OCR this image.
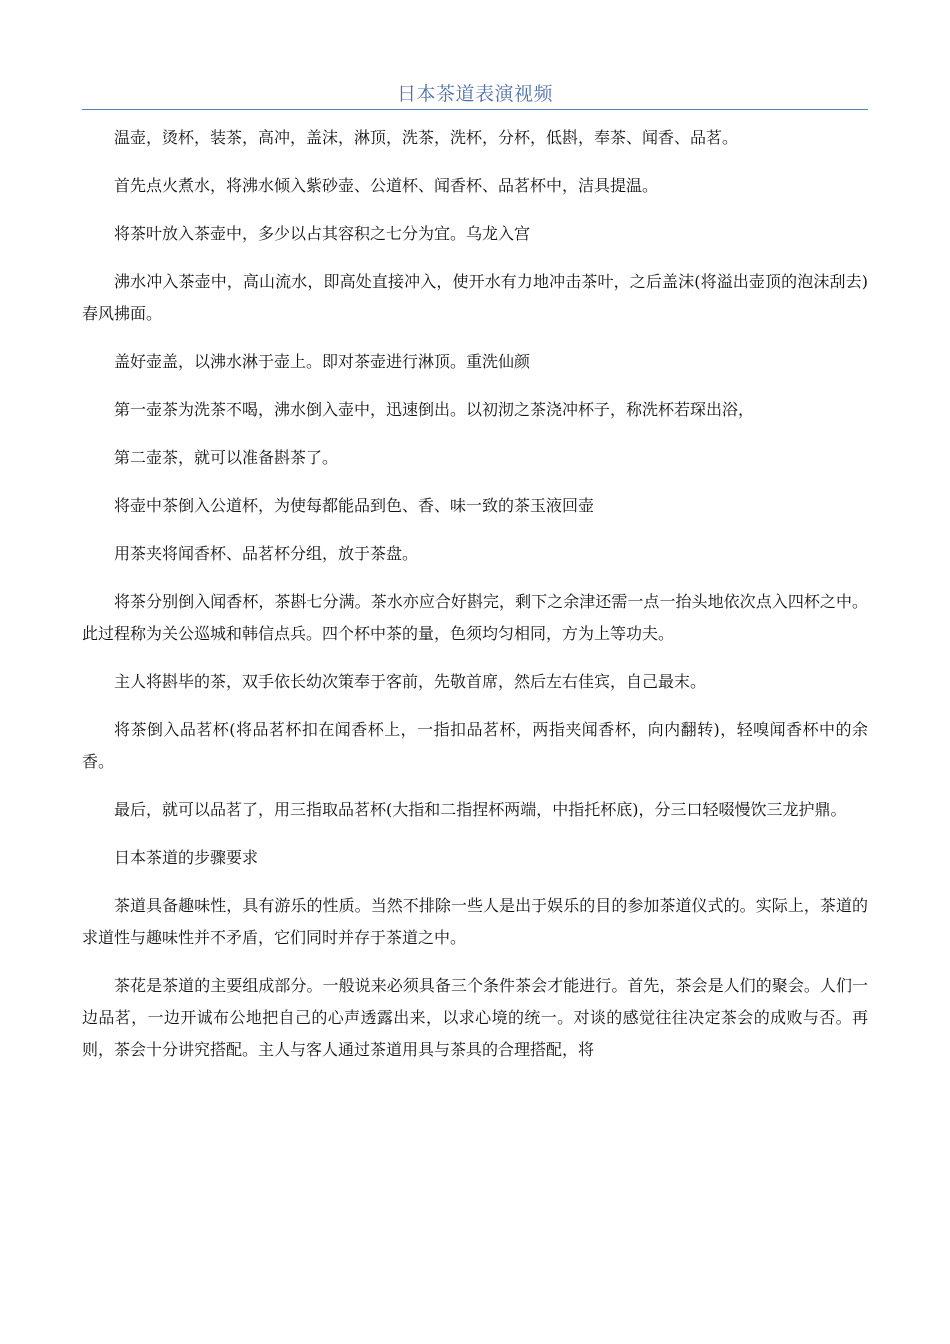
日本茶道表演视频

温壶，烫杯，装茶，高冲，盖沫，淋顶，洗茶，洗杯，分杯，低斟，奉茶、闻香、品茗。

首先点火煮水，将沸水倾入紫砂壶、公道杯、闻香杯、品茗杯中，洁具提温。

将茶叶放入茶壶中，多少以占其容积之七分为宜。乌龙入宫

沸水冲入茶壶中，高山流水，即高处直接冲入，使开水有力地冲击茶叶，之后盖沫(将溢出壶顶的泡沫刮去)春风拂面。

盖好壶盖，以沸水淋于壶上。即对茶壶进行淋顶。重洗仙颜

第一壶茶为洗茶不喝，沸水倒入壶中，迅速倒出。以初沏之茶浇冲杯子，称洗杯若琛出浴，

第二壶茶，就可以准备斟茶了。

将壶中茶倒入公道杯，为使每都能品到色、香、味一致的茶玉液回壶

用茶夹将闻香杯、品茗杯分组，放于茶盘。

将茶分别倒入闻香杯，茶斟七分满。茶水亦应合好斟完，剩下之余津还需一点一抬头地依次点入四杯之中。此过程称为关公巡城和韩信点兵。四个杯中茶的量，色须均匀相同，方为上等功夫。

主人将斟毕的茶，双手依长幼次策奉于客前，先敬首席，然后左右佳宾，自己最末。

将茶倒入品茗杯(将品茗杯扣在闻香杯上，一指扣品茗杯，两指夹闻香杯，向内翻转)，轻嗅闻香杯中的余香。

最后，就可以品茗了，用三指取品茗杯(大指和二指捏杯两端，中指托杯底)，分三口轻啜慢饮三龙护鼎。

日本茶道的步骤要求

茶道具备趣味性，具有游乐的性质。当然不排除一些人是出于娱乐的目的参加茶道仪式的。实际上，茶道的求道性与趣味性并不矛盾，它们同时并存于茶道之中。

茶花是茶道的主要组成部分。一般说来必须具备三个条件茶会才能进行。首先，茶会是人们的聚会。人们一边品茗，一边开诚布公地把自己的心声透露出来，以求心境的统一。对谈的感觉往往决定茶会的成败与否。再则，茶会十分讲究搭配。主人与客人通过茶道用具与茶具的合理搭配，将
